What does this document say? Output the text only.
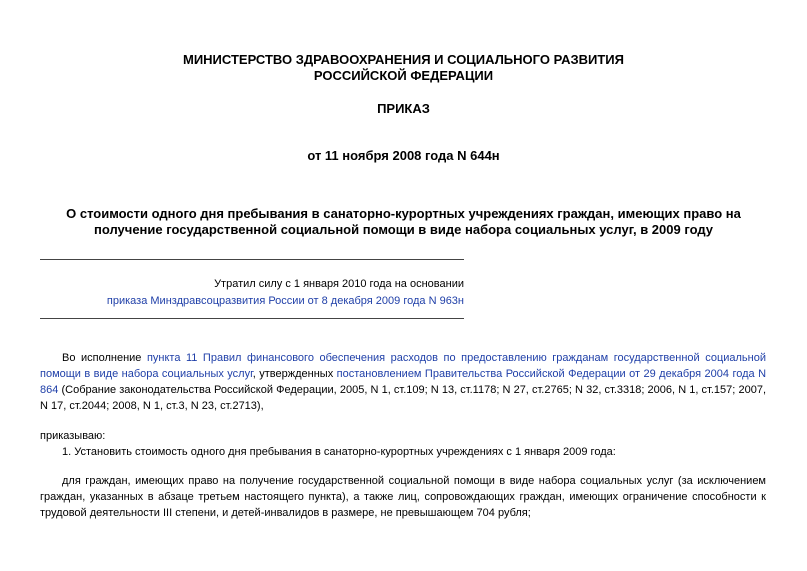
МИНИСТЕРСТВО ЗДРАВООХРАНЕНИЯ И СОЦИАЛЬНОГО РАЗВИТИЯ
РОССИЙСКОЙ ФЕДЕРАЦИИ
ПРИКАЗ
от 11 ноября 2008 года N 644н
О стоимости одного дня пребывания в санаторно-курортных учреждениях граждан, имеющих право на
получение государственной социальной помощи в виде набора социальных услуг, в 2009 году
Утратил силу с 1 января 2010 года на основании
приказа Минздравсоцразвития России от 8 декабря 2009 года N 963н
Во исполнение пункта 11 Правил финансового обеспечения расходов по предоставлению гражданам государственной социальной помощи в виде набора социальных услуг, утвержденных постановлением Правительства Российской Федерации от 29 декабря 2004 года N 864 (Собрание законодательства Российской Федерации, 2005, N 1, ст.109; N 13, ст.1178; N 27, ст.2765; N 32, ст.3318; 2006, N 1, ст.157; 2007, N 17, ст.2044; 2008, N 1, ст.3, N 23, ст.2713),
приказываю:
1. Установить стоимость одного дня пребывания в санаторно-курортных учреждениях с 1 января 2009 года:
для граждан, имеющих право на получение государственной социальной помощи в виде набора социальных услуг (за исключением граждан, указанных в абзаце третьем настоящего пункта), а также лиц, сопровождающих граждан, имеющих ограничение способности к трудовой деятельности III степени, и детей-инвалидов в размере, не превышающем 704 рубля;
